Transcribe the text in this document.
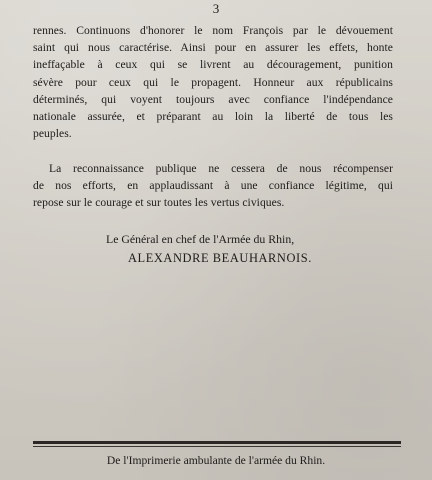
3
rennes. Continuons d'honorer le nom François par le dévouement
saint qui nous caractérise. Ainsi pour en assurer les effets, honte
ineffaçable à ceux qui se livrent au découragement, punition
sévère pour ceux qui le propagent. Honneur aux républicains
déterminés, qui voyent toujours avec confiance l'indépendance
nationale assurée, et préparant au loin la liberté de tous les
peuples.
La reconnaissance publique ne cessera de nous récompenser
de nos efforts, en applaudissant à une confiance légitime, qui
repose sur le courage et sur toutes les vertus civiques.
Le Général en chef de l'Armée du Rhin,
ALEXANDRE BEAUHARNOIS.
De l'Imprimerie ambulante de l'armée du Rhin.
